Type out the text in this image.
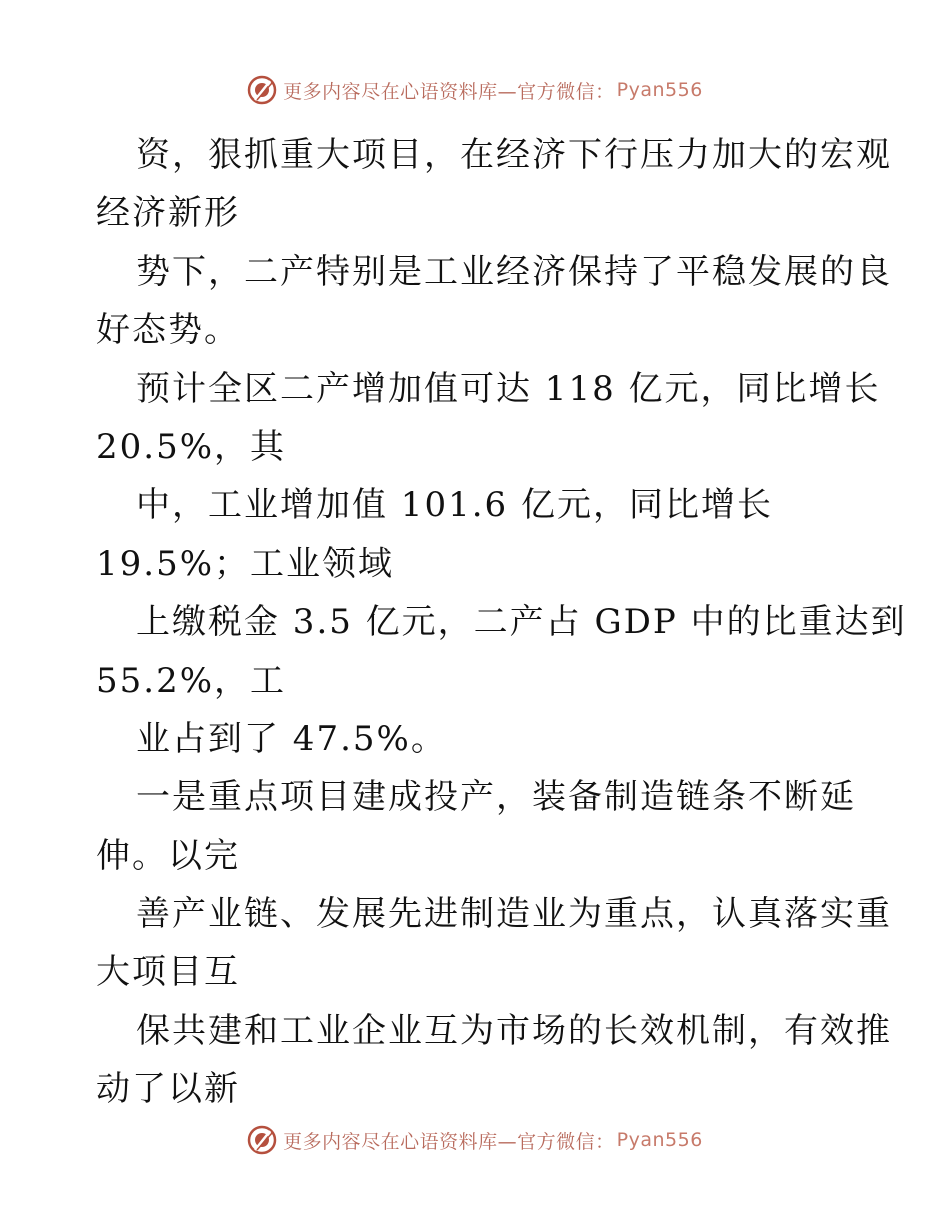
更多内容尽在心语资料库—官方微信： Pyan556
资，狠抓重大项目，在经济下行压力加大的宏观
经济新形
势下，二产特别是工业经济保持了平稳发展的良
好态势。
预计全区二产增加值可达 118 亿元，同比增长
20.5%，其
中，工业增加值 101.6 亿元，同比增长
19.5%；工业领域
上缴税金 3.5 亿元，二产占 GDP 中的比重达到
55.2%，工
业占到了 47.5%。
一是重点项目建成投产，装备制造链条不断延
伸。以完
善产业链、发展先进制造业为重点，认真落实重
大项目互
保共建和工业企业互为市场的长效机制，有效推
动了以新
更多内容尽在心语资料库—官方微信： Pyan556
